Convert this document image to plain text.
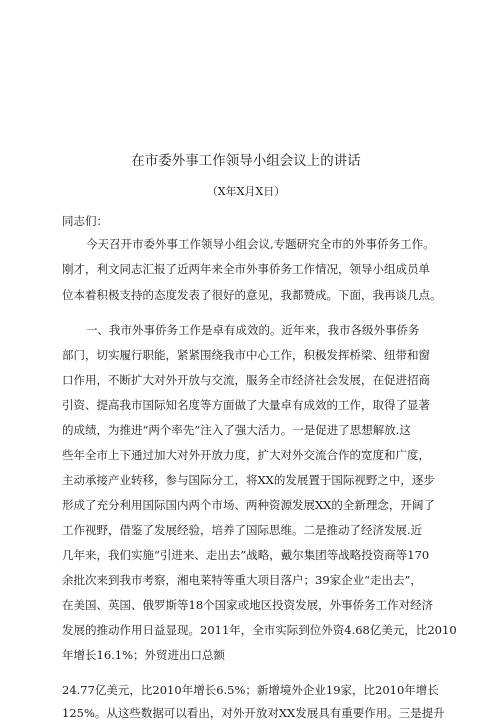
在市委外事工作领导小组会议上的讲话
（X年X月X日）
同志们：
今天召开市委外事工作领导小组会议,专题研究全市的外事侨务工作。
刚才，利文同志汇报了近两年来全市外事侨务工作情况，领导小组成员单
位本着积极支持的态度发表了很好的意见，我都赞成。下面，我再谈几点。
一、我市外事侨务工作是卓有成效的。近年来，我市各级外事侨务
部门，切实履行职能，紧紧围绕我市中心工作，积极发挥桥梁、纽带和窗
口作用，不断扩大对外开放与交流，服务全市经济社会发展，在促进招商
引资、提高我市国际知名度等方面做了大量卓有成效的工作，取得了显著
的成绩，为推进“两个率先”注入了强大活力。一是促进了思想解放.这
些年全市上下通过加大对外开放力度，扩大对外交流合作的宽度和广度，
主动承接产业转移，参与国际分工，将XX的发展置于国际视野之中，逐步
形成了充分利用国际国内两个市场、两种资源发展XX的全新理念，开阔了
工作视野，借鉴了发展经验，培养了国际思维。二是推动了经济发展.近
几年来，我们实施“引进来、走出去”战略，戴尔集团等战略投资商等170
余批次来到我市考察，湘电莱特等重大项目落户；39家企业“走出去”，
在美国、英国、俄罗斯等18个国家或地区投资发展，外事侨务工作对经济
发展的推动作用日益显现。2011年，全市实际到位外资4.68亿美元，比2010
年增长16.1%；外贸进出口总额
24.77亿美元，比2010年增长6.5%；新增境外企业19家，比2010年增长
125%。从这些数据可以看出，对外开放对XX发展具有重要作用。三是提升
